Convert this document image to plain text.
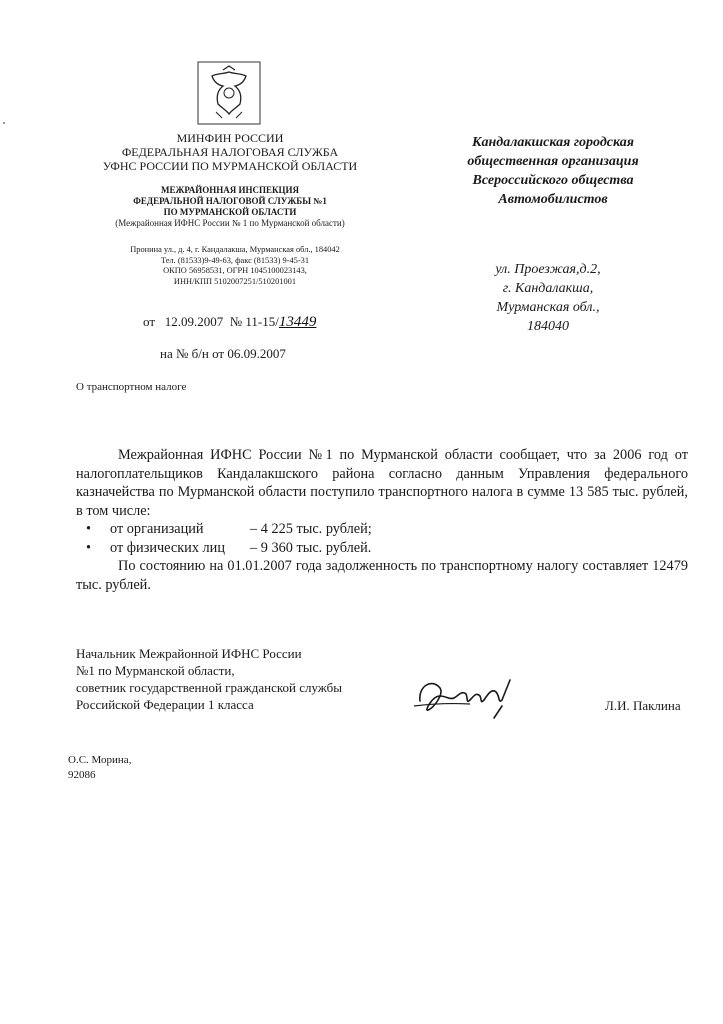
МИНФИН РОССИИ
ФЕДЕРАЛЬНАЯ НАЛОГОВАЯ СЛУЖБА
УФНС РОССИИ ПО МУРМАНСКОЙ ОБЛАСТИ
МЕЖРАЙОННАЯ ИНСПЕКЦИЯ
ФЕДЕРАЛЬНОЙ НАЛОГОВОЙ СЛУЖБЫ №1
ПО МУРМАНСКОЙ ОБЛАСТИ
(Межрайонная ИФНС России № 1 по Мурманской области)
Пронина ул., д. 4, г. Кандалакша, Мурманская обл., 184042
Тел. (81533)9-49-63, факс (81533) 9-45-31
ОКПО 56958531, ОГРН 1045100023143,
ИНН/КПП 5102007251/510201001
от 12.09.2007 № 11-15/13449
на № б/н от 06.09.2007
О транспортном налоге
Кандалакшская городская
общественная организация
Всероссийского общества
Автомобилистов
ул. Проезжая,д.2,
г. Кандалакша,
Мурманская обл.,
184040

Межрайонная ИФНС России №1 по Мурманской области сообщает, что за 2006 год от налогоплательщиков Кандалакшского района согласно данным Управления федерального казначейства по Мурманской области поступило транспортного налога в сумме 13 585 тыс. рублей, в том числе:

• от организаций	– 4 225 тыс. рублей;
• от физических лиц – 9 360 тыс. рублей.

По состоянию на 01.01.2007 года задолженность по транспортному налогу составляет 12479 тыс. рублей.

Начальник Межрайонной ИФНС России
№1 по Мурманской области,
советник государственной гражданской службы
Российской Федерации 1 класса	Л.И. Паклина
О.С. Морина,
92086
